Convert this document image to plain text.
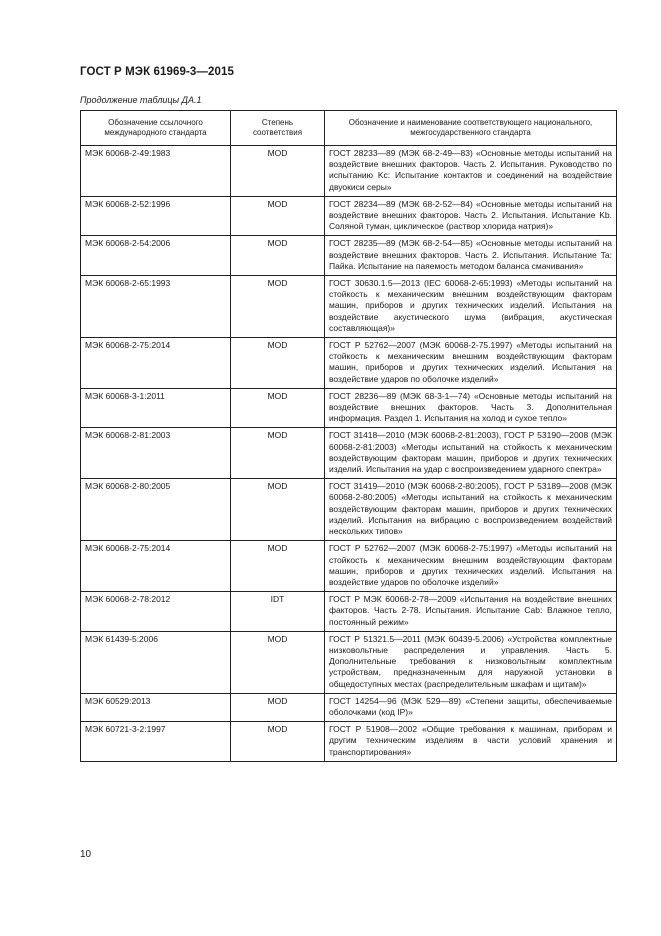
ГОСТ Р МЭК 61969-3—2015
Продолжение таблицы ДА.1
Обозначение ссылочного международного стандарта	Степень соответствия	Обозначение и наименование соответствующего национального, межгосударственного стандарта
МЭК 60068-2-49:1983	MOD	ГОСТ 28233—89 (МЭК 68-2-49—83) «Основные методы испытаний на воздействие внешних факторов. Часть 2. Испытания. Руководство по испытанию Kc: Испытание контактов и соединений на воздействие двуокиси серы»
МЭК 60068-2-52:1996	MOD	ГОСТ 28234—89 (МЭК 68-2-52—84) «Основные методы испытаний на воздействие внешних факторов. Часть 2. Испытания. Испытание Kb. Соляной туман, циклическое (раствор хлорида натрия)»
МЭК 60068-2-54:2006	MOD	ГОСТ 28235—89 (МЭК 68-2-54—85) «Основные методы испытаний на воздействие внешних факторов. Часть 2. Испытания. Испытание Ta: Пайка. Испытание на паяемость методом баланса смачивания»
МЭК 60068-2-65:1993	MOD	ГОСТ 30630.1.5—2013 (IEC 60068-2-65:1993) «Методы испытаний на стойкость к механическим внешним воздействующим факторам машин, приборов и других технических изделий. Испытания на воздействие акустического шума (вибрация, акустическая составляющая)»
МЭК 60068-2-75:2014	MOD	ГОСТ Р 52762—2007 (МЭК 60068-2-75.1997) «Методы испытаний на стойкость к механическим внешним воздействующим факторам машин, приборов и других технических изделий. Испытания на воздействие ударов по оболочке изделий»
МЭК 60068-3-1:2011	MOD	ГОСТ 28236—89 (МЭК 68-3-1—74) «Основные методы испытаний на воздействие внешних факторов. Часть 3. Дополнительная информация. Раздел 1. Испытания на холод и сухое тепло»
МЭК 60068-2-81:2003	MOD	ГОСТ 31418—2010 (МЭК 60068-2-81:2003), ГОСТ Р 53190—2008 (МЭК 60068-2-81:2003) «Методы испытаний на стойкость к механическим воздействующим факторам машин, приборов и других технических изделий. Испытания на удар с воспроизведением ударного спектра»
МЭК 60068-2-80:2005	MOD	ГОСТ 31419—2010 (МЭК 60068-2-80:2005), ГОСТ Р 53189—2008 (МЭК 60068-2-80:2005) «Методы испытаний на стойкость к механическим воздействующим факторам машин, приборов и других технических изделий. Испытания на вибрацию с воспроизведением воздействий нескольких типов»
МЭК 60068-2-75:2014	MOD	ГОСТ Р 52762—2007 (МЭК 60068-2-75:1997) «Методы испытаний на стойкость к механическим внешним воздействующим факторам машин, приборов и других технических изделий. Испытания на воздействие ударов по оболочке изделий»
МЭК 60068-2-78:2012	IDT	ГОСТ Р МЭК 60068-2-78—2009 «Испытания на воздействие внешних факторов. Часть 2-78. Испытания. Испытание Cab: Влажное тепло, постоянный режим»
МЭК 61439-5:2006	MOD	ГОСТ Р 51321.5—2011 (МЭК 60439-5.2006) «Устройства комплектные низковольтные распределения и управления. Часть 5. Дополнительные требования к низковольтным комплектным устройствам, предназначенным для наружной установки в общедоступных местах (распределительным шкафам и щитам)»
МЭК 60529:2013	MOD	ГОСТ 14254—96 (МЭК 529—89) «Степени защиты, обеспечиваемые оболочками (код IP)»
МЭК 60721-3-2:1997	MOD	ГОСТ Р 51908—2002 «Общие требования к машинам, приборам и другим техническим изделиям в части условий хранения и транспортирования»
10
